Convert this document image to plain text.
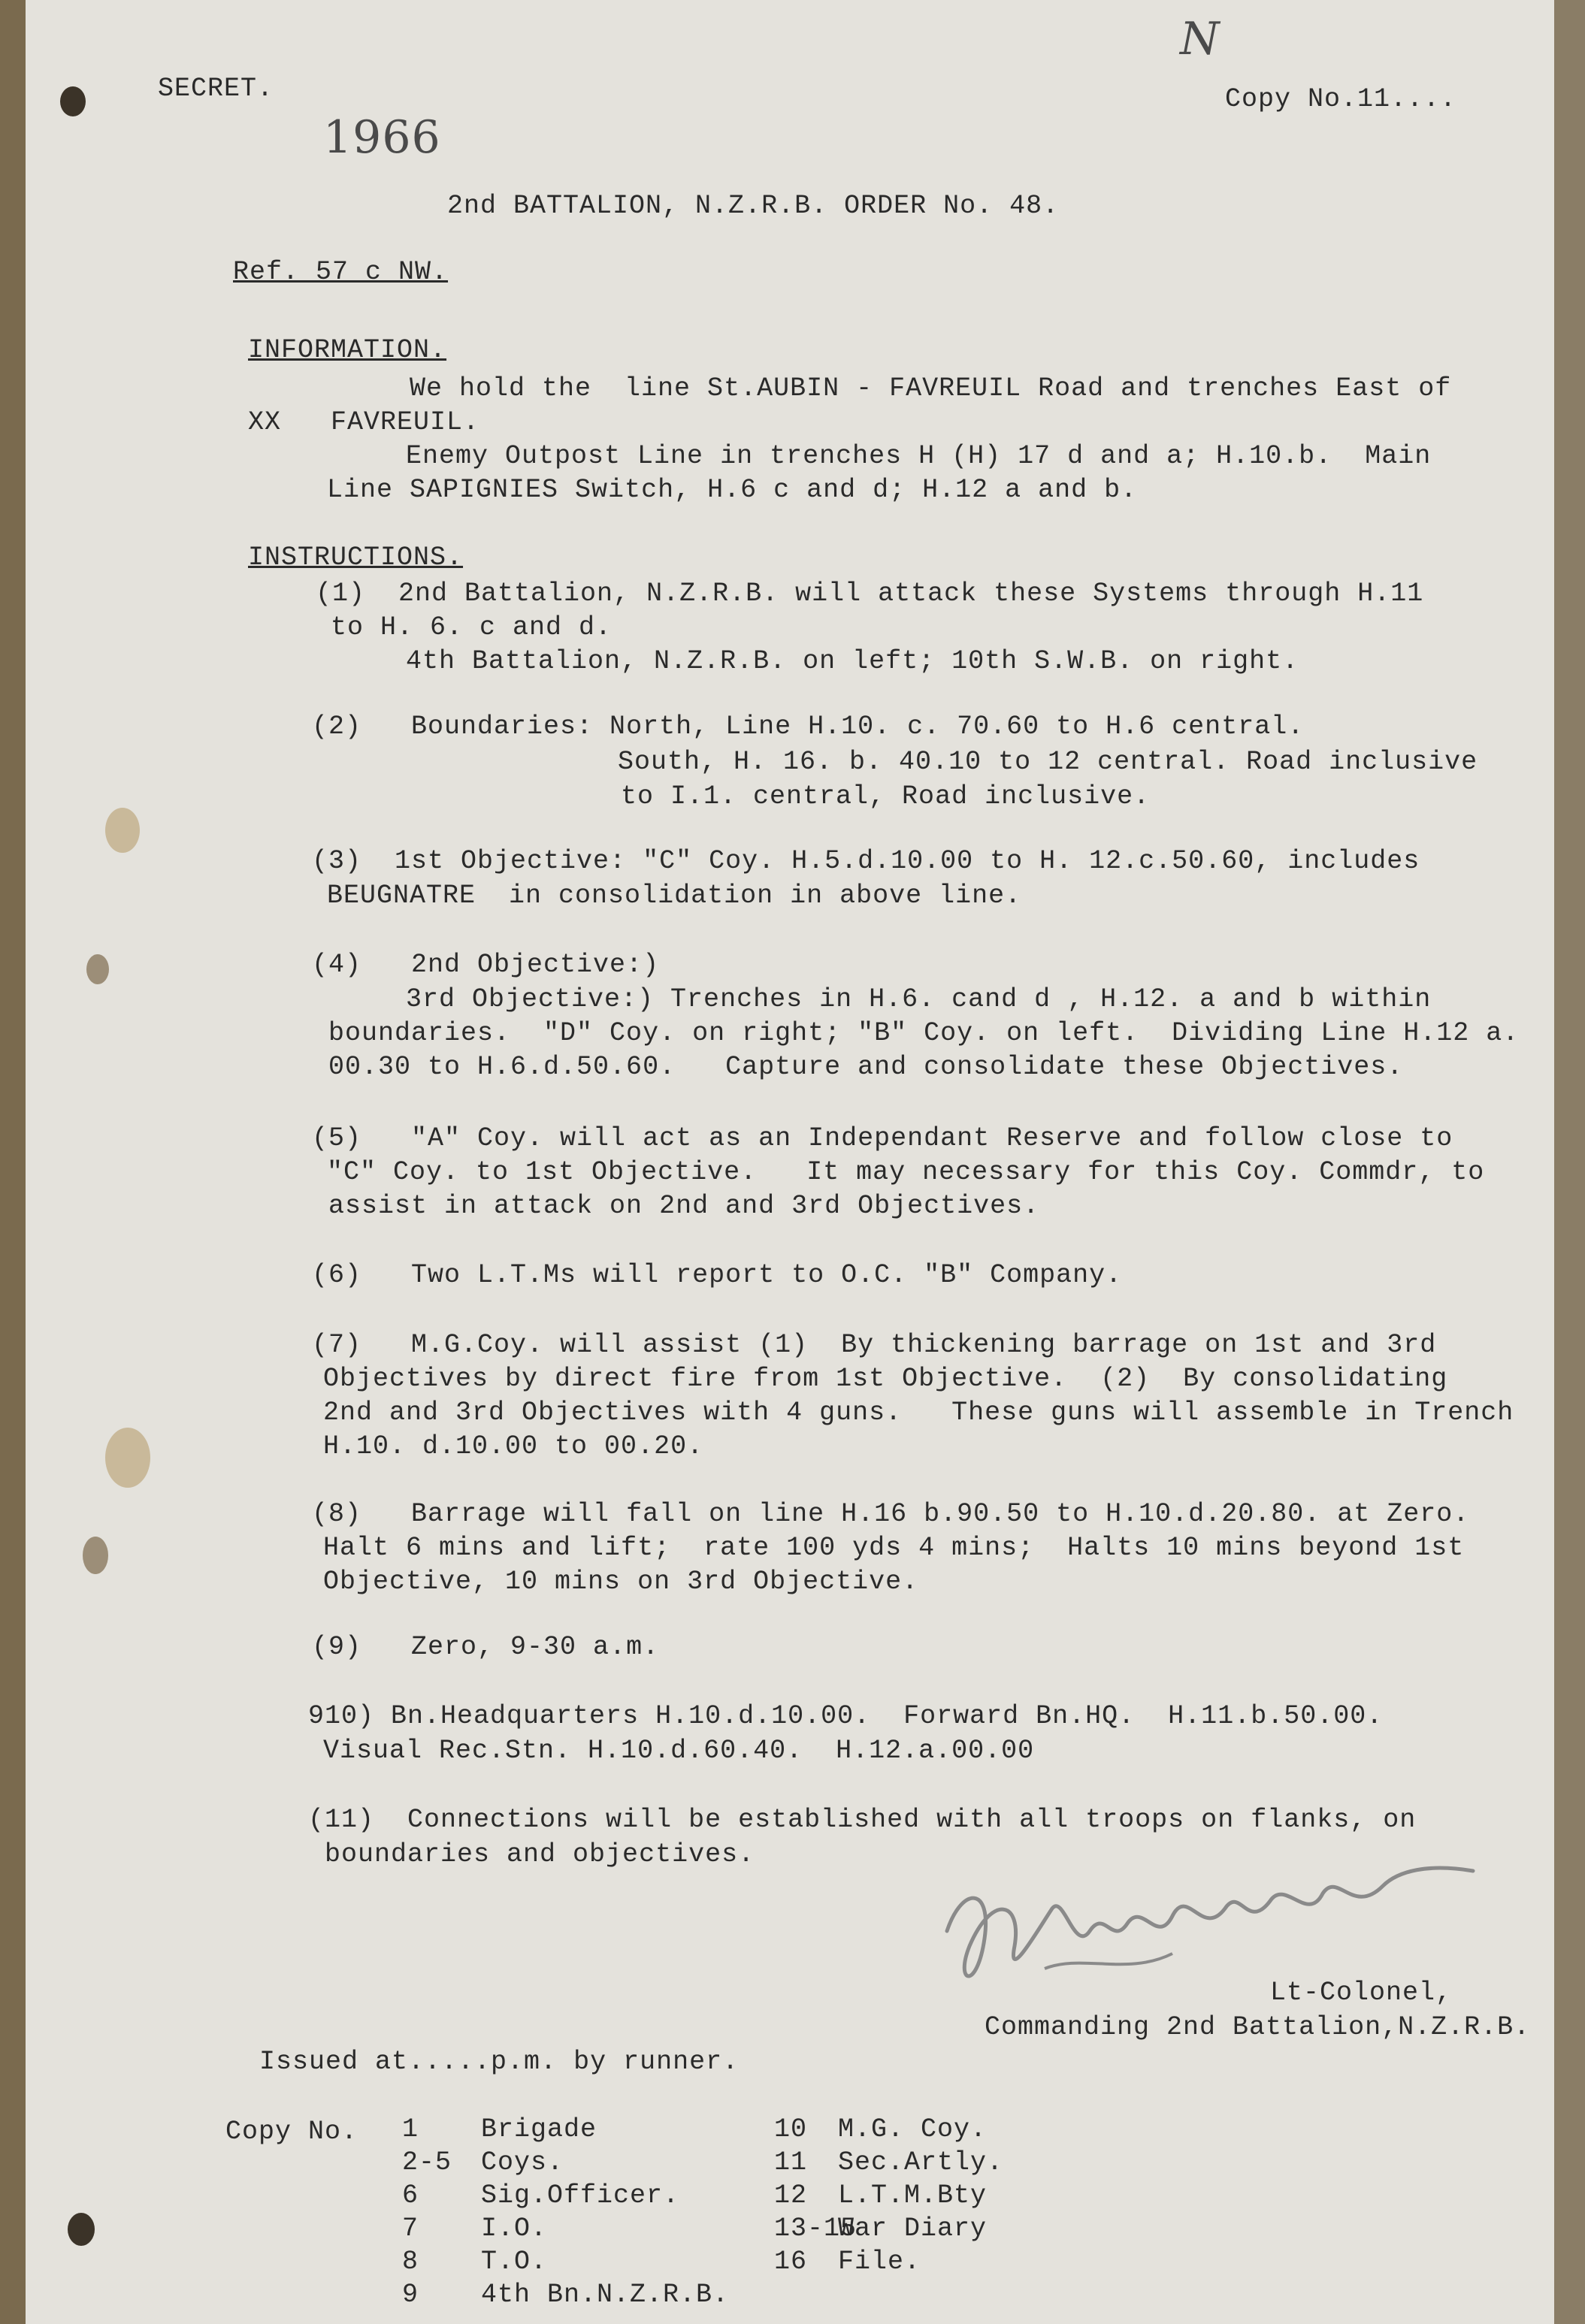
SECRET.
1966
N
Copy No.11....
2nd BATTALION, N.Z.R.B. ORDER No. 48.
Ref. 57 c NW.
INFORMATION.
We hold the  line St.AUBIN - FAVREUIL Road and trenches East of
XX   FAVREUIL.
Enemy Outpost Line in trenches H (H) 17 d and a; H.10.b.  Main
Line SAPIGNIES Switch, H.6 c and d; H.12 a and b.
INSTRUCTIONS.
(1)  2nd Battalion, N.Z.R.B. will attack these Systems through H.11
to H. 6. c and d.
4th Battalion, N.Z.R.B. on left; 10th S.W.B. on right.
(2)   Boundaries: North, Line H.10. c. 70.60 to H.6 central.
South, H. 16. b. 40.10 to 12 central. Road inclusive
to I.1. central, Road inclusive.
(3)  1st Objective: "C" Coy. H.5.d.10.00 to H. 12.c.50.60, includes
BEUGNATRE  in consolidation in above line.
(4)   2nd Objective:)
3rd Objective:) Trenches in H.6. cand d , H.12. a and b within
boundaries.  "D" Coy. on right; "B" Coy. on left.  Dividing Line H.12 a.
00.30 to H.6.d.50.60.   Capture and consolidate these Objectives.
(5)   "A" Coy. will act as an Independant Reserve and follow close to
"C" Coy. to 1st Objective.   It may necessary for this Coy. Commdr, to
assist in attack on 2nd and 3rd Objectives.
(6)   Two L.T.Ms will report to O.C. "B" Company.
(7)   M.G.Coy. will assist (1)  By thickening barrage on 1st and 3rd
Objectives by direct fire from 1st Objective.  (2)  By consolidating
2nd and 3rd Objectives with 4 guns.   These guns will assemble in Trench
H.10. d.10.00 to 00.20.
(8)   Barrage will fall on line H.16 b.90.50 to H.10.d.20.80. at Zero.
Halt 6 mins and lift;  rate 100 yds 4 mins;  Halts 10 mins beyond 1st
Objective, 10 mins on 3rd Objective.
(9)   Zero, 9-30 a.m.
910) Bn.Headquarters H.10.d.10.00.  Forward Bn.HQ.  H.11.b.50.00.
Visual Rec.Stn. H.10.d.60.40.  H.12.a.00.00
(11)  Connections will be established with all troops on flanks, on
boundaries and objectives.
Lt-Colonel,
Commanding 2nd Battalion,N.Z.R.B.
Issued at.....p.m. by runner.
Copy No. 1 Brigade
2-5 Coys.
6 Sig.Officer.
7 I.O.
8 T.O.
9 4th Bn.N.Z.R.B.
10 M.G. Coy.
11 Sec.Artly.
12 L.T.M.Bty
13-15
War Diary
16 File.
